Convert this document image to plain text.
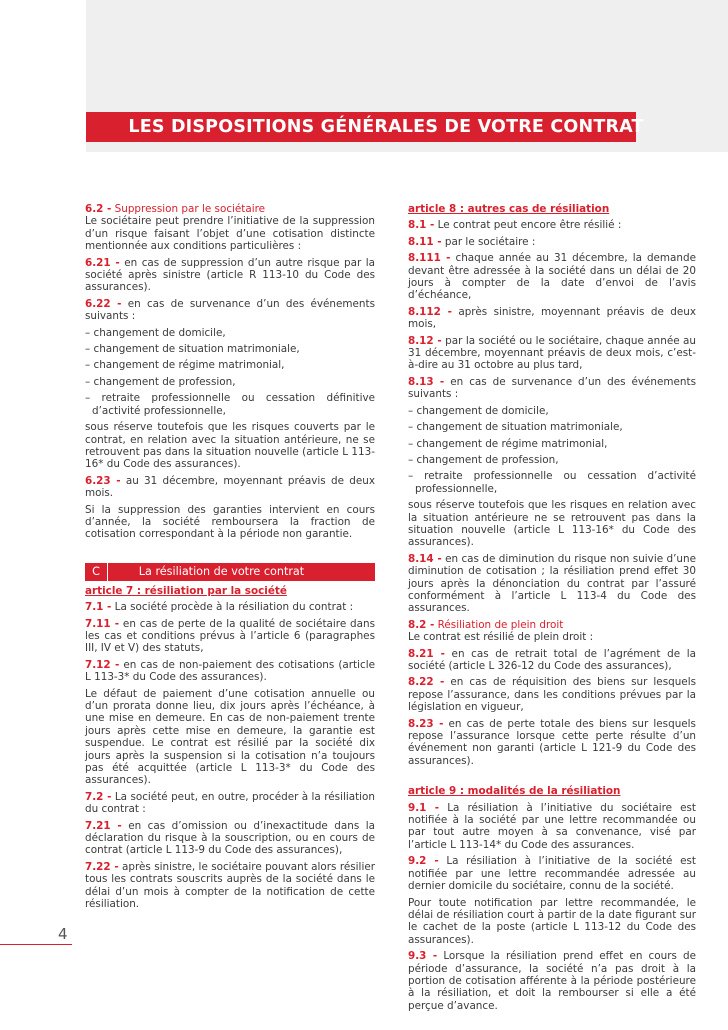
LES DISPOSITIONS GÉNÉRALES DE VOTRE CONTRAT

6.2 - Suppression par le sociétaire
Le sociétaire peut prendre l’initiative de la suppression d’un risque faisant l’objet d’une cotisation distincte mentionnée aux conditions particulières :

6.21 - en cas de suppression d’un autre risque par la société après sinistre (article R 113-10 du Code des assurances).

6.22 - en cas de survenance d’un des événements suivants :

– changement de domicile,

– changement de situation matrimoniale,

– changement de régime matrimonial,

– changement de profession,

– retraite professionnelle ou cessation définitive d’activité professionnelle,

sous réserve toutefois que les risques couverts par le contrat, en relation avec la situation antérieure, ne se retrouvent pas dans la situation nouvelle (article L 113-16* du Code des assurances).

6.23 - au 31 décembre, moyennant préavis de deux mois.

Si la suppression des garanties intervient en cours d’année, la société remboursera la fraction de cotisation correspondant à la période non garantie.

C	La résiliation de votre contrat

article 7 : résiliation par la société

7.1 - La société procède à la résiliation du contrat :

7.11 - en cas de perte de la qualité de sociétaire dans les cas et conditions prévus à l’article 6 (paragraphes III, IV et V) des statuts,

7.12 - en cas de non-paiement des cotisations (article L 113-3* du Code des assurances).

Le défaut de paiement d’une cotisation annuelle ou d’un prorata donne lieu, dix jours après l’échéance, à une mise en demeure. En cas de non-paiement trente jours après cette mise en demeure, la garantie est suspendue. Le contrat est résilié par la société dix jours après la suspension si la cotisation n’a toujours pas été acquittée (article L 113-3* du Code des assurances).

7.2 - La société peut, en outre, procéder à la résiliation du contrat :

7.21 - en cas d’omission ou d’inexactitude dans la déclaration du risque à la souscription, ou en cours de contrat (article L 113-9 du Code des assurances),

7.22 - après sinistre, le sociétaire pouvant alors résilier tous les contrats souscrits auprès de la société dans le délai d’un mois à compter de la notification de cette résiliation.

article 8 : autres cas de résiliation

8.1 - Le contrat peut encore être résilié :

8.11 - par le sociétaire :

8.111 - chaque année au 31 décembre, la demande devant être adressée à la société dans un délai de 20 jours à compter de la date d’envoi de l’avis d’échéance,

8.112 - après sinistre, moyennant préavis de deux mois,

8.12 - par la société ou le sociétaire, chaque année au 31 décembre, moyennant préavis de deux mois, c’est-à-dire au 31 octobre au plus tard,

8.13 - en cas de survenance d’un des événements suivants :

– changement de domicile,

– changement de situation matrimoniale,

– changement de régime matrimonial,

– changement de profession,

– retraite professionnelle ou cessation d’activité professionnelle,

sous réserve toutefois que les risques en relation avec la situation antérieure ne se retrouvent pas dans la situation nouvelle (article L 113-16* du Code des assurances).

8.14 - en cas de diminution du risque non suivie d’une diminution de cotisation ; la résiliation prend effet 30 jours après la dénonciation du contrat par l’assuré conformément à l’article L 113-4 du Code des assurances.

8.2 - Résiliation de plein droit
Le contrat est résilié de plein droit :

8.21 - en cas de retrait total de l’agrément de la société (article L 326-12 du Code des assurances),

8.22 - en cas de réquisition des biens sur lesquels repose l’assurance, dans les conditions prévues par la législation en vigueur,

8.23 - en cas de perte totale des biens sur lesquels repose l’assurance lorsque cette perte résulte d’un événement non garanti (article L 121-9 du Code des assurances).

article 9 : modalités de la résiliation

9.1 - La résiliation à l’initiative du sociétaire est notifiée à la société par une lettre recommandée ou par tout autre moyen à sa convenance, visé par l’article L 113-14* du Code des assurances.

9.2 - La résiliation à l’initiative de la société est notifiée par une lettre recommandée adressée au dernier domicile du sociétaire, connu de la société.

Pour toute notification par lettre recommandée, le délai de résiliation court à partir de la date figurant sur le cachet de la poste (article L 113-12 du Code des assurances).

9.3 - Lorsque la résiliation prend effet en cours de période d’assurance, la société n’a pas droit à la portion de cotisation afférente à la période postérieure à la résiliation, et doit la rembourser si elle a été perçue d’avance.

4
